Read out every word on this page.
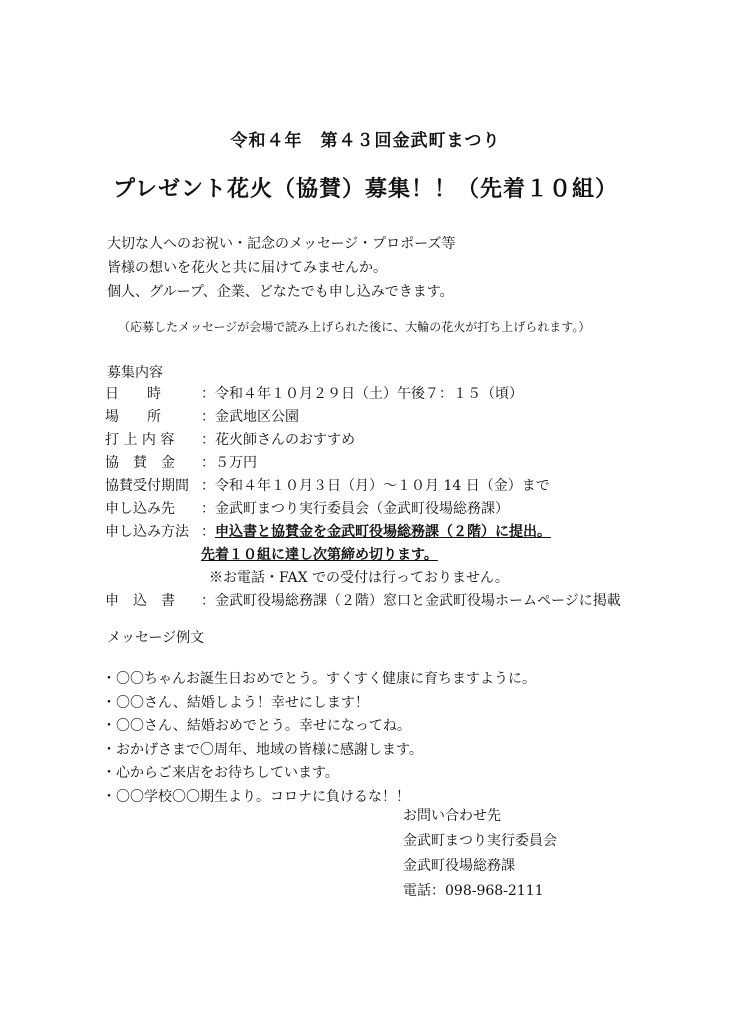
令和４年　第４３回金武町まつり
プレゼント花火（協賛）募集！！（先着１０組）
大切な人へのお祝い・記念のメッセージ・プロポーズ等
皆様の想いを花火と共に届けてみませんか。
個人、グループ、企業、どなたでも申し込みできます。
（応募したメッセージが会場で読み上げられた後に、大輪の花火が打ち上げられます。）
募集内容
日　　時	：令和４年１０月２９日（土）午後７：１５（頃）
場　　所	：金武地区公園
打 上 内 容 ：花火師さんのおすすめ
協　賛　金 ：５万円
協賛受付期間 ：令和４年１０月３日（月）～１０月 14 日（金）まで
申し込み先 ：金武町まつり実行委員会（金武町役場総務課）
申し込み方法 ：申込書と協賛金を金武町役場総務課（２階）に提出。
先着１０組に達し次第締め切ります。
※お電話・FAX での受付は行っておりません。
申　込　書 ：金武町役場総務課（２階）窓口と金武町役場ホームページに掲載
メッセージ例文
・〇〇ちゃんお誕生日おめでとう。すくすく健康に育ちますように。
・〇〇さん、結婚しよう！幸せにします！
・〇〇さん、結婚おめでとう。幸せになってね。
・おかげさまで〇周年、地域の皆様に感謝します。
・心からご来店をお待ちしています。
・〇〇学校〇〇期生より。コロナに負けるな！！
お問い合わせ先
金武町まつり実行委員会
金武町役場総務課
電話：098-968-2111
